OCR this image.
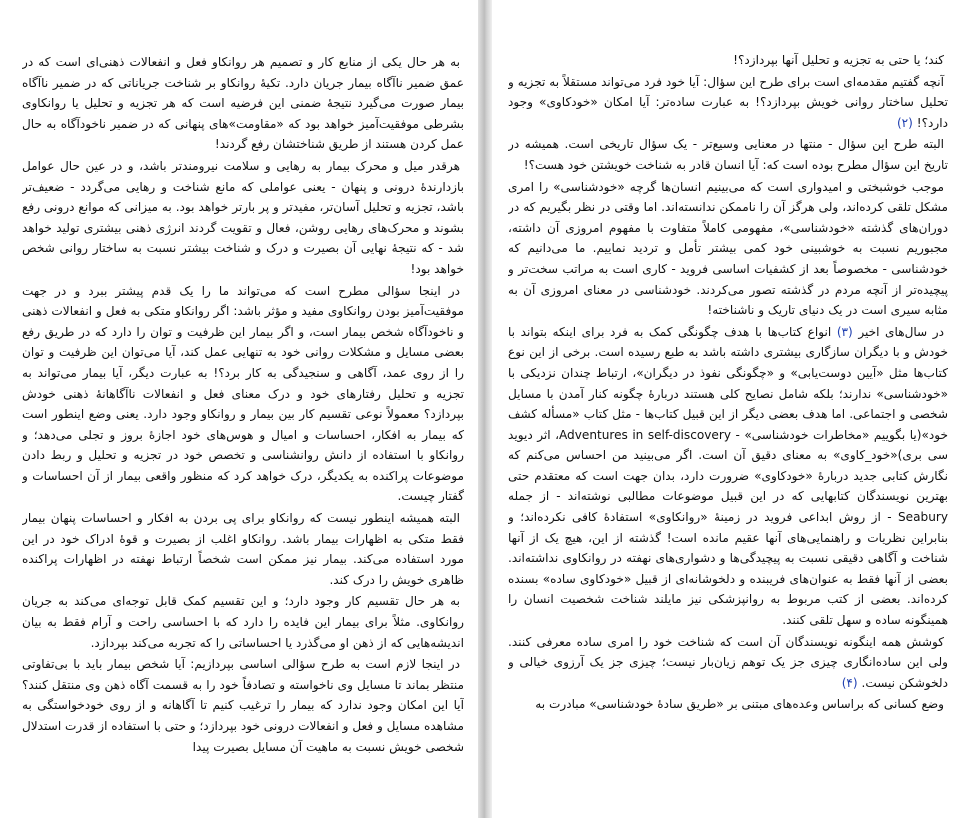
به هر حال یکی از منابع کار و تصمیم هر روانکاو فعل و انفعالات ذهنی‌ای است که در عمق ضمیر ناآگاه بیمار جریان دارد. تکیهٔ روانکاو بر شناخت جریاناتی که در ضمیر ناآگاه بیمار صورت می‌گیرد نتیجهٔ ضمنی این فرضیه است که هر تجزیه و تحلیل یا روانکاوی بشرطی موفقیت‌آمیز خواهد بود که «مقاومت»های پنهانی که در ضمیر ناخودآگاه به حال عمل کردن هستند از طریق شناختشان رفع گردند!

هرقدر میل و محرک بیمار به رهایی و سلامت نیرومندتر باشد، و در عین حال عوامل بازدارندهٔ درونی و پنهان - یعنی عواملی که مانع شناخت و رهایی می‌گردد - ضعیف‌تر باشد، تجزیه و تحلیل آسان‌تر، مفیدتر و پر بارتر خواهد بود. به میزانی که موانع درونی رفع بشوند و محرک‌های رهایی روشن، فعال و تقویت گردند انرژی ذهنی بیشتری تولید خواهد شد - که نتیجهٔ نهایی آن بصیرت و درک و شناخت بیشتر نسبت به ساختار روانی شخص خواهد بود!

در اینجا سؤالی مطرح است که می‌تواند ما را یک قدم پیشتر ببرد و در جهت موفقیت‌آمیز بودن روانکاوی مفید و مؤثر باشد: اگر روانکاو متکی به فعل و انفعالات ذهنی و ناخودآگاه شخص بیمار است، و اگر بیمار این ظرفیت و توان را دارد که در طریق رفع بعضی مسایل و مشکلات روانی خود به تنهایی عمل کند، آیا می‌توان این ظرفیت و توان را از روی عمد، آگاهی و سنجیدگی به کار برد؟! به عبارت دیگر، آیا بیمار می‌تواند به تجزیه و تحلیل رفتارهای خود و درک معنای فعل و انفعالات ناآگاهانهٔ ذهنی خودش بپردازد؟ معمولاً نوعی تقسیم کار بین بیمار و روانکاو وجود دارد. یعنی وضع اینطور است که بیمار به افکار، احساسات و امیال و هوس‌های خود اجازهٔ بروز و تجلی می‌دهد؛ و روانکاو با استفاده از دانش روانشناسی و تخصص خود در تجزیه و تحلیل و ربط دادن موضوعات پراکنده به یکدیگر، درک خواهد کرد که منظور واقعی بیمار از آن احساسات و گفتار چیست.

البته همیشه اینطور نیست که روانکاو برای پی بردن به افکار و احساسات پنهان بیمار فقط متکی به اظهارات بیمار باشد. روانکاو اغلب از بصیرت و قوهٔ ادراک خود در این مورد استفاده می‌کند. بیمار نیز ممکن است شخصاً ارتباط نهفته در اظهارات پراکنده ظاهری خویش را درک کند.

به هر حال تقسیم کار وجود دارد؛ و این تقسیم کمک قابل توجه‌ای می‌کند به جریان روانکاوی. مثلاً برای بیمار این فایده را دارد که با احساسی راحت و آرام فقط به بیان اندیشه‌هایی که از ذهن او می‌گذرد یا احساساتی را که تجربه می‌کند بپردازد.

در اینجا لازم است به طرح سؤالی اساسی بپردازیم: آیا شخص بیمار باید با بی‌تفاوتی منتظر بماند تا مسایل وی ناخواسته و تصادفاً خود را به قسمت آگاه ذهن وی منتقل کنند؟ آیا این امکان وجود ندارد که بیمار را ترغیب کنیم تا آگاهانه و از روی خودخواستگی به مشاهده مسایل و فعل و انفعالات درونی خود بپردازد؛ و حتی با استفاده از قدرت استدلال شخصی خویش نسبت به ماهیت آن مسایل بصیرت پیدا

کند؛ یا حتی به تجزیه و تحلیل آنها بپردازد؟!

آنچه گفتیم مقدمه‌ای است برای طرح این سؤال: آیا خود فرد می‌تواند مستقلاً به تجزیه و تحلیل ساختار روانی خویش بپردازد؟! به عبارت ساده‌تر: آیا امکان «خودکاوی» وجود دارد؟! (۲)

البته طرح این سؤال - منتها در معنایی وسیع‌تر - یک سؤال تاریخی است. همیشه در تاریخ این سؤال مطرح بوده است که: آیا انسان قادر به شناخت خویشتن خود هست؟!

موجب خوشبختی و امیدواری است که می‌بینیم انسان‌ها گرچه «خودشناسی» را امری مشکل تلقی کرده‌اند، ولی هرگز آن را ناممکن ندانسته‌اند. اما وقتی در نظر بگیریم که در دوران‌های گذشته «خودشناسی»، مفهومی کاملاً متفاوت با مفهوم امروزی آن داشته، مجبوریم نسبت به خوشبینی خود کمی بیشتر تأمل و تردید نماییم. ما می‌دانیم که خودشناسی - مخصوصاً بعد از کشفیات اساسی فروید - کاری است به مراتب سخت‌تر و پیچیده‌تر از آنچه مردم در گذشته تصور می‌کردند. خودشناسی در معنای امروزی آن به مثابه سیری است در یک دنیای تاریک و ناشناخته!

در سال‌های اخیر (۳) انواع کتاب‌ها با هدف چگونگی کمک به فرد برای اینکه بتواند با خودش و با دیگران سازگاری بیشتری داشته باشد به طبع رسیده است. برخی از این نوع کتاب‌ها مثل «آیین دوست‌یابی» و «چگونگی نفوذ در دیگران»، ارتباط چندان نزدیکی با «خودشناسی» ندارند؛ بلکه شامل نصایح کلی هستند دربارهٔ چگونه کنار آمدن با مسایل شخصی و اجتماعی. اما هدف بعضی دیگر از این قبیل کتاب‌ها - مثل کتاب «مسأله کشف خود»(یا بگوییم «مخاطرات خودشناسی» - Adventures in self-discovery، اثر دیوید سی بری)«خود_کاوی» به معنای دقیق آن است. اگر می‌بینید من احساس می‌کنم که نگارش کتابی جدید دربارهٔ «خودکاوی» ضرورت دارد، بدان جهت است که معتقدم حتی بهترین نویسندگان کتابهایی که در این قبیل موضوعات مطالبی نوشته‌اند - از جمله Seabury - از روش ابداعی فروید در زمینهٔ «روانکاوی» استفادهٔ کافی نکرده‌اند؛ و بنابراین نظریات و راهنمایی‌های آنها عقیم مانده است! گذشته از این، هیچ یک از آنها شناخت و آگاهی دقیقی نسبت به پیچیدگی‌ها و دشواری‌های نهفته در روانکاوی نداشته‌اند. بعضی از آنها فقط به عنوان‌های فریبنده و دلخوشانه‌ای از قبیل «خودکاوی ساده» بسنده کرده‌اند. بعضی از کتب مربوط به روانپزشکی نیز مایلند شناخت شخصیت انسان را همینگونه ساده و سهل تلقی کنند.

کوشش همه اینگونه نویسندگان آن است که شناخت خود را امری ساده معرفی کنند. ولی این ساده‌انگاری چیزی جز یک توهم زیان‌بار نیست؛ چیزی جز یک آرزوی خیالی و دلخوشکن نیست. (۴)

وضع کسانی که براساس وعده‌های مبتنی بر «طریق سادهٔ خودشناسی» مبادرت به
